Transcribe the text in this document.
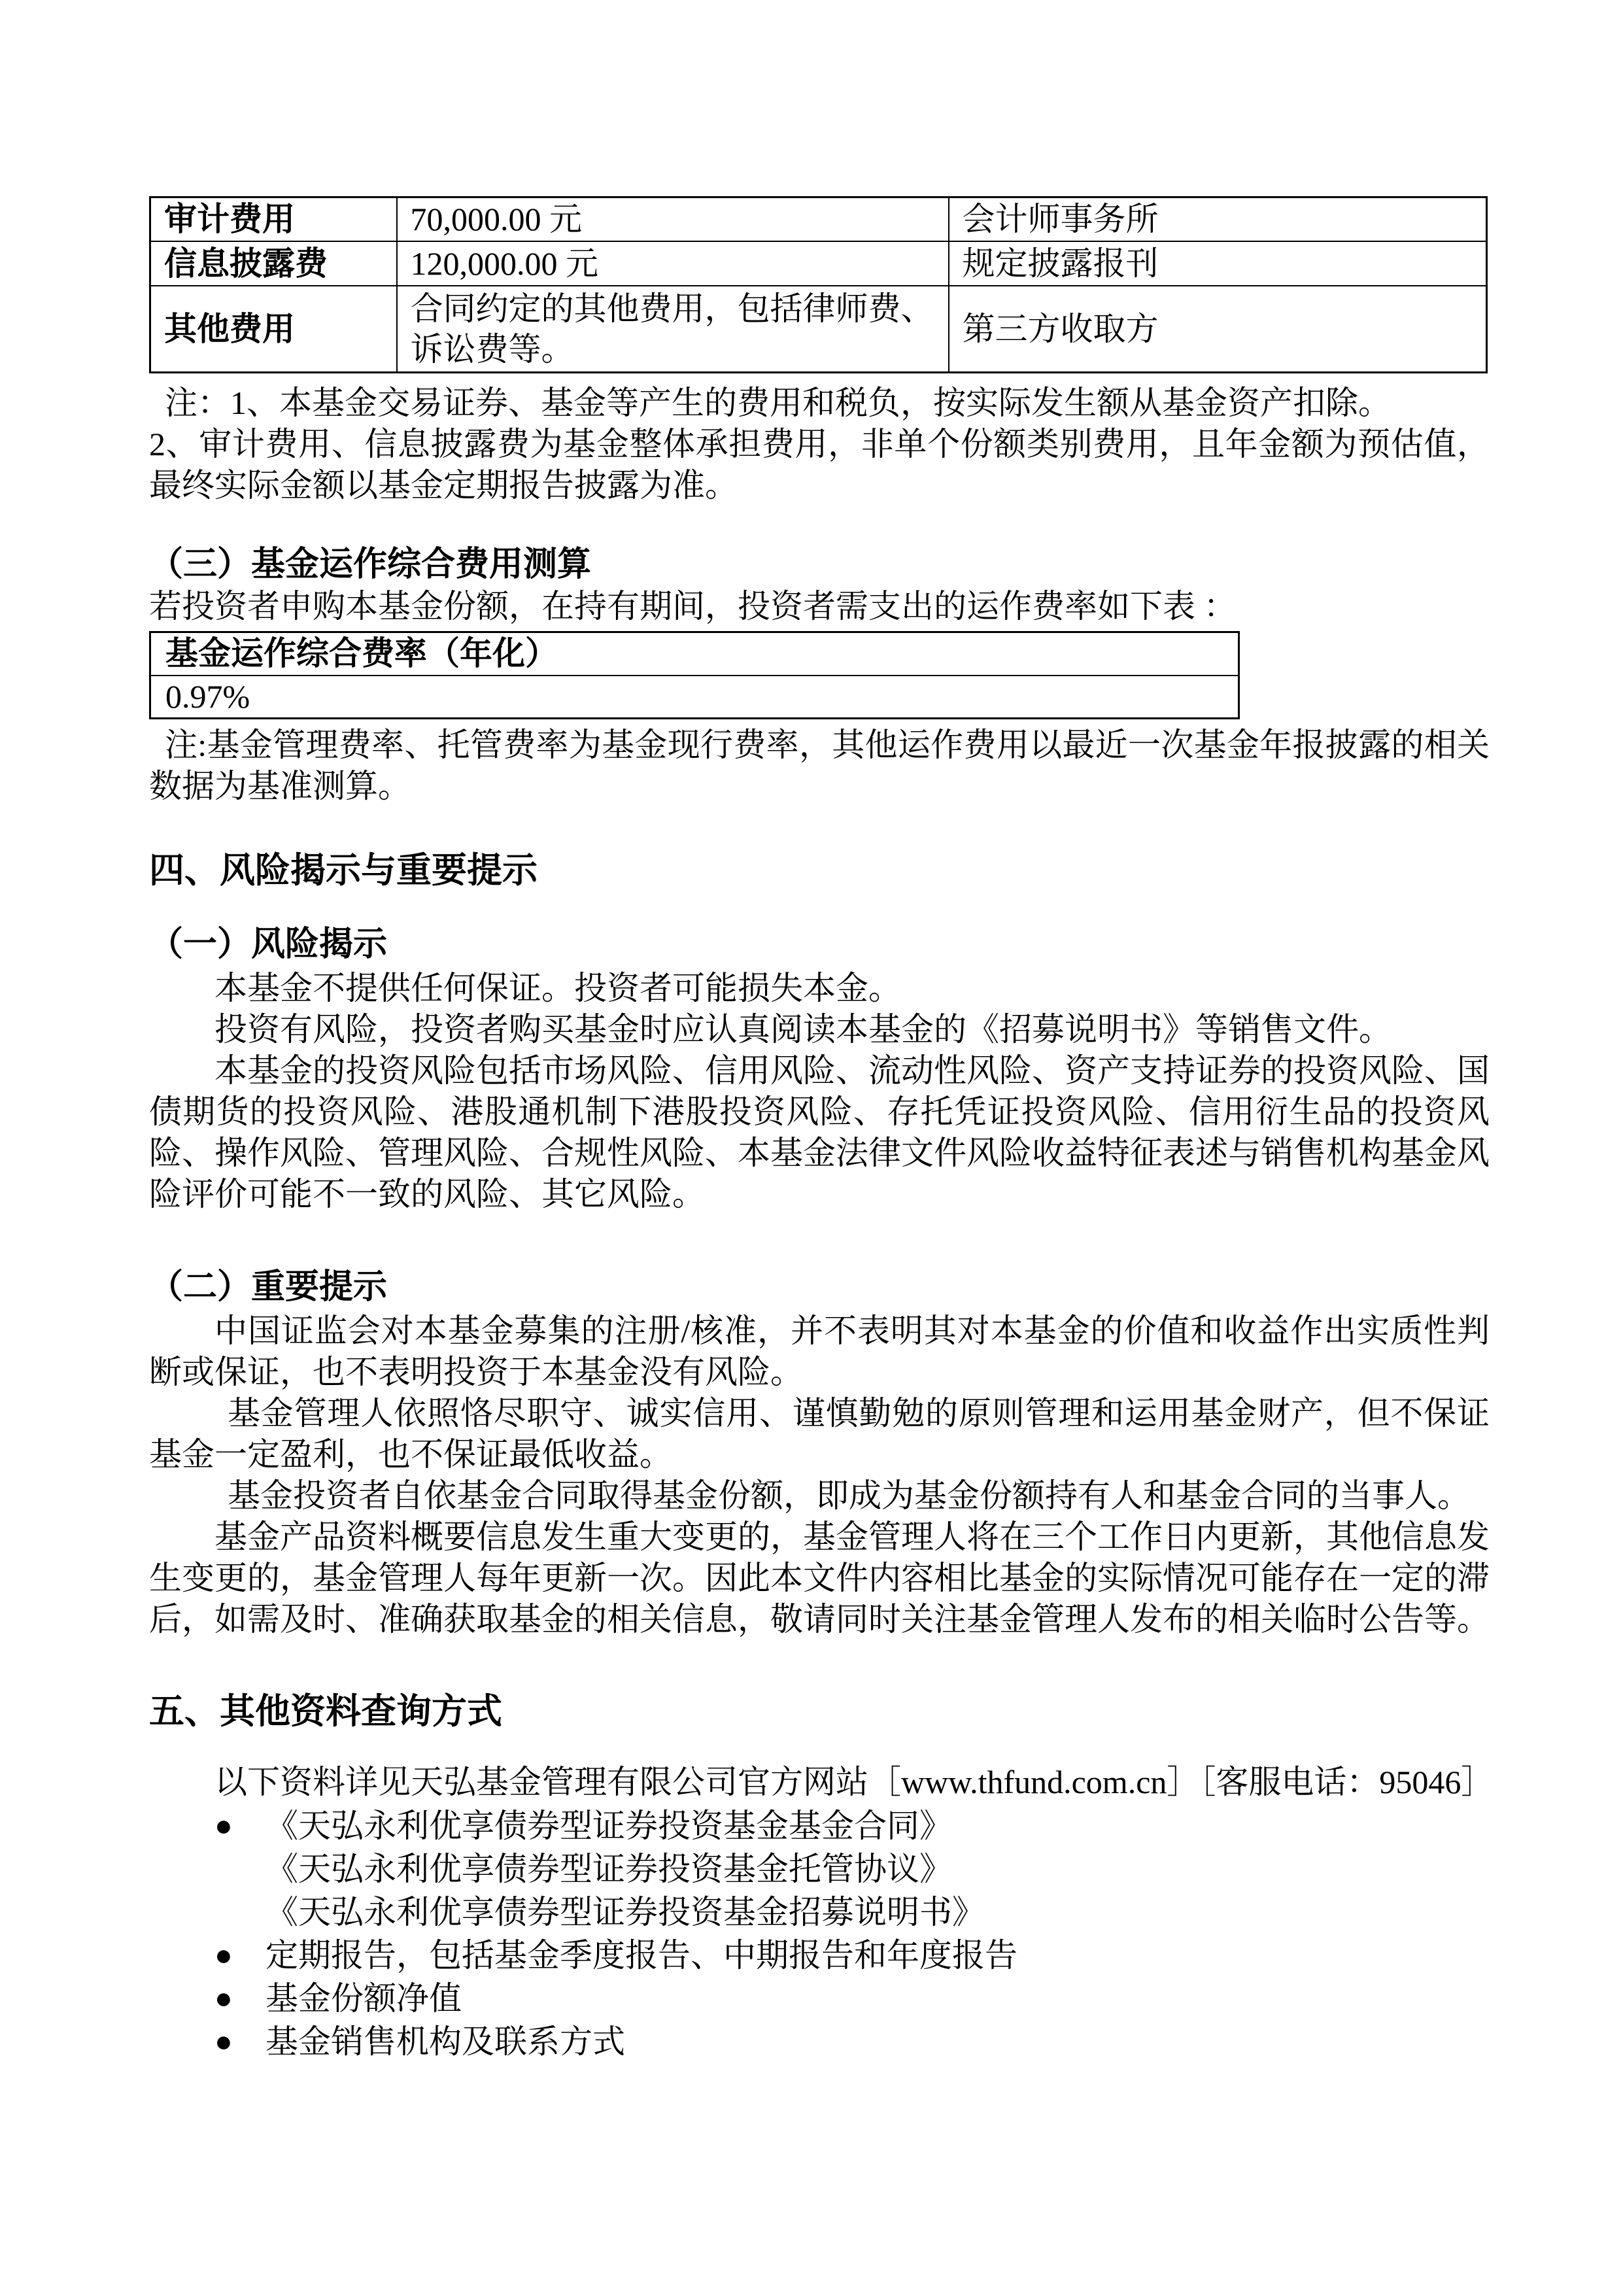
审计费用	70,000.00 元	会计师事务所
信息披露费	120,000.00 元	规定披露报刊
其他费用	合同约定的其他费用，包括律师费、诉讼费等。	第三方收取方

注：1、本基金交易证券、基金等产生的费用和税负，按实际发生额从基金资产扣除。

2、审计费用、信息披露费为基金整体承担费用，非单个份额类别费用，且年金额为预估值，最终实际金额以基金定期报告披露为准。

（三）基金运作综合费用测算

若投资者申购本基金份额，在持有期间，投资者需支出的运作费率如下表 ：

基金运作综合费率（年化）
0.97%

注:基金管理费率、托管费率为基金现行费率，其他运作费用以最近一次基金年报披露的相关数据为基准测算。

四、风险揭示与重要提示
（一）风险揭示

本基金不提供任何保证。投资者可能损失本金。

投资有风险，投资者购买基金时应认真阅读本基金的《招募说明书》等销售文件。

本基金的投资风险包括市场风险、信用风险、流动性风险、资产支持证券的投资风险、国债期货的投资风险、港股通机制下港股投资风险、存托凭证投资风险、信用衍生品的投资风险、操作风险、管理风险、合规性风险、本基金法律文件风险收益特征表述与销售机构基金风险评价可能不一致的风险、其它风险。

（二）重要提示

中国证监会对本基金募集的注册/核准，并不表明其对本基金的价值和收益作出实质性判断或保证，也不表明投资于本基金没有风险。

基金管理人依照恪尽职守、诚实信用、谨慎勤勉的原则管理和运用基金财产，但不保证基金一定盈利，也不保证最低收益。

基金投资者自依基金合同取得基金份额，即成为基金份额持有人和基金合同的当事人。

基金产品资料概要信息发生重大变更的，基金管理人将在三个工作日内更新，其他信息发生变更的，基金管理人每年更新一次。因此本文件内容相比基金的实际情况可能存在一定的滞后，如需及时、准确获取基金的相关信息，敬请同时关注基金管理人发布的相关临时公告等。

五、其他资料查询方式

以下资料详见天弘基金管理有限公司官方网站［www.thfund.com.cn］［客服电话：95046］

●	《天弘永利优享债券型证券投资基金基金合同》
《天弘永利优享债券型证券投资基金托管协议》
《天弘永利优享债券型证券投资基金招募说明书》
●	定期报告，包括基金季度报告、中期报告和年度报告
●	基金份额净值
●	基金销售机构及联系方式
